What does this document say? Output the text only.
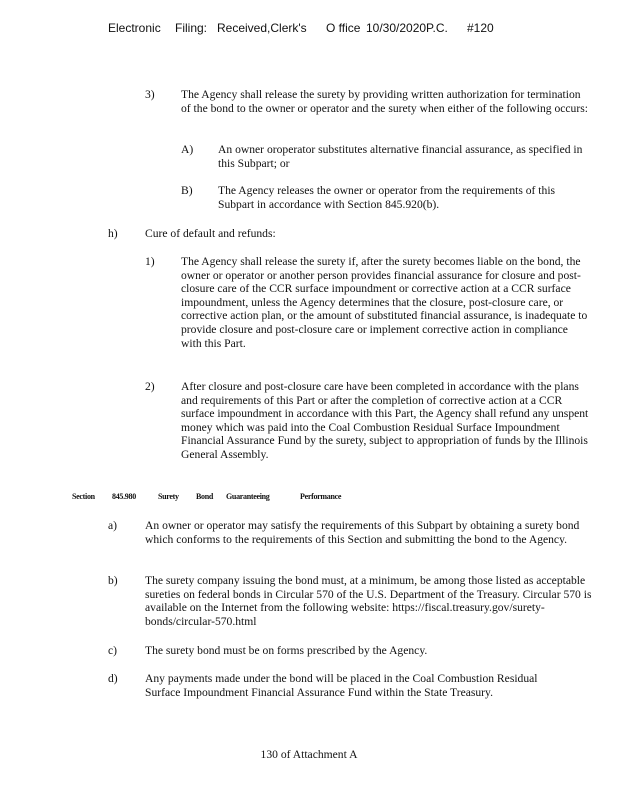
Electronic Filing: Received,Clerk's O ffice 10/30/2020P.C. #120
3) The Agency shall release the surety by providing written authorization for termination of the bond to the owner or operator and the surety when either of the following occurs:
A) An owner oroperator substitutes alternative financial assurance, as specified in this Subpart; or
B) The Agency releases the owner or operator from the requirements of this Subpart in accordance with Section 845.920(b).
h) Cure of default and refunds:
1) The Agency shall release the surety if, after the surety becomes liable on the bond, the owner or operator or another person provides financial assurance for closure and post-closure care of the CCR surface impoundment or corrective action at a CCR surface impoundment, unless the Agency determines that the closure, post-closure care, or corrective action plan, or the amount of substituted financial assurance, is inadequate to provide closure and post-closure care or implement corrective action in compliance with this Part.
2) After closure and post-closure care have been completed in accordance with the plans and requirements of this Part or after the completion of corrective action at a CCR surface impoundment in accordance with this Part, the Agency shall refund any unspent money which was paid into the Coal Combustion Residual Surface Impoundment Financial Assurance Fund by the surety, subject to appropriation of funds by the Illinois General Assembly.
Section 845.980	Surety Bond Guaranteeing	Performance
a) An owner or operator may satisfy the requirements of this Subpart by obtaining a surety bond which conforms to the requirements of this Section and submitting the bond to the Agency.
b) The surety company issuing the bond must, at a minimum, be among those listed as acceptable sureties on federal bonds in Circular 570 of the U.S. Department of the Treasury. Circular 570 is available on the Internet from the following website: https://fiscal.treasury.gov/surety-bonds/circular-570.html
c) The surety bond must be on forms prescribed by the Agency.
d) Any payments made under the bond will be placed in the Coal Combustion Residual Surface Impoundment Financial Assurance Fund within the State Treasury.
130 of Attachment A
